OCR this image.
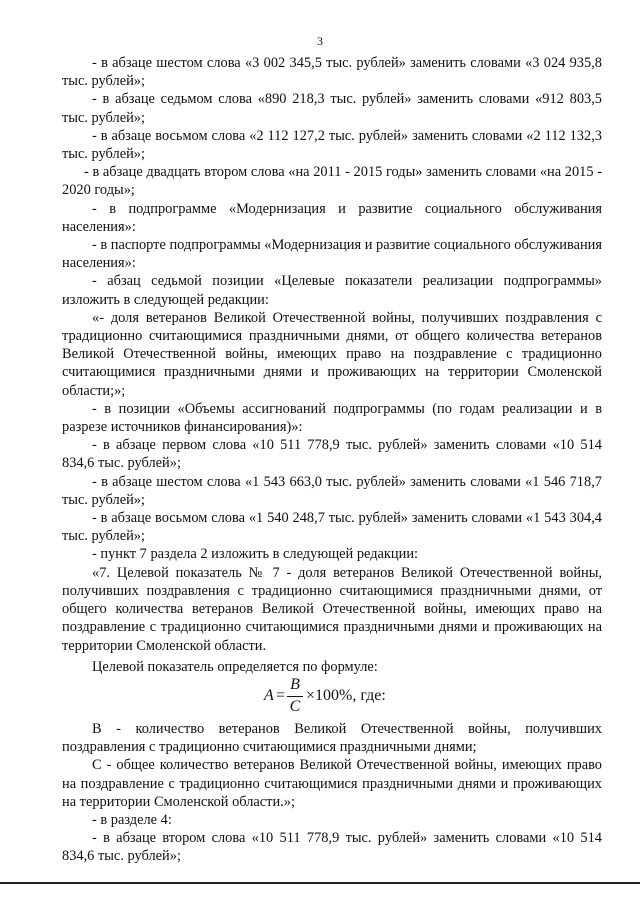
3

- в абзаце шестом слова «3 002 345,5 тыс. рублей» заменить словами «3 024 935,8 тыс. рублей»;

- в абзаце седьмом слова «890 218,3 тыс. рублей» заменить словами «912 803,5 тыс. рублей»;

- в абзаце восьмом слова «2 112 127,2 тыс. рублей» заменить словами «2 112 132,3 тыс. рублей»;

- в абзаце двадцать втором слова «на 2011 - 2015 годы» заменить словами «на 2015 - 2020 годы»;

- в подпрограмме «Модернизация и развитие социального обслуживания населения»:

- в паспорте подпрограммы «Модернизация и развитие социального обслуживания населения»:

- абзац седьмой позиции «Целевые показатели реализации подпрограммы» изложить в следующей редакции:

«- доля ветеранов Великой Отечественной войны, получивших поздравления с традиционно считающимися праздничными днями, от общего количества ветеранов Великой Отечественной войны, имеющих право на поздравление с традиционно считающимися праздничными днями и проживающих на территории Смоленской области;»;

- в позиции «Объемы ассигнований подпрограммы (по годам реализации и в разрезе источников финансирования)»:

- в абзаце первом слова «10 511 778,9 тыс. рублей» заменить словами «10 514 834,6 тыс. рублей»;

- в абзаце шестом слова «1 543 663,0 тыс. рублей» заменить словами «1 546 718,7 тыс. рублей»;

- в абзаце восьмом слова «1 540 248,7 тыс. рублей» заменить словами «1 543 304,4 тыс. рублей»;

- пункт 7 раздела 2 изложить в следующей редакции:

«7. Целевой показатель № 7 - доля ветеранов Великой Отечественной войны, получивших поздравления с традиционно считающимися праздничными днями, от общего количества ветеранов Великой Отечественной войны, имеющих право на поздравление с традиционно считающимися праздничными днями и проживающих на территории Смоленской области.

Целевой показатель определяется по формуле:

A =
B
C
×100%, где:

B - количество ветеранов Великой Отечественной войны, получивших поздравления с традиционно считающимися праздничными днями;

C - общее количество ветеранов Великой Отечественной войны, имеющих право на поздравление с традиционно считающимися праздничными днями и проживающих на территории Смоленской области.»;

- в разделе 4:

- в абзаце втором слова «10 511 778,9 тыс. рублей» заменить словами «10 514 834,6 тыс. рублей»;
